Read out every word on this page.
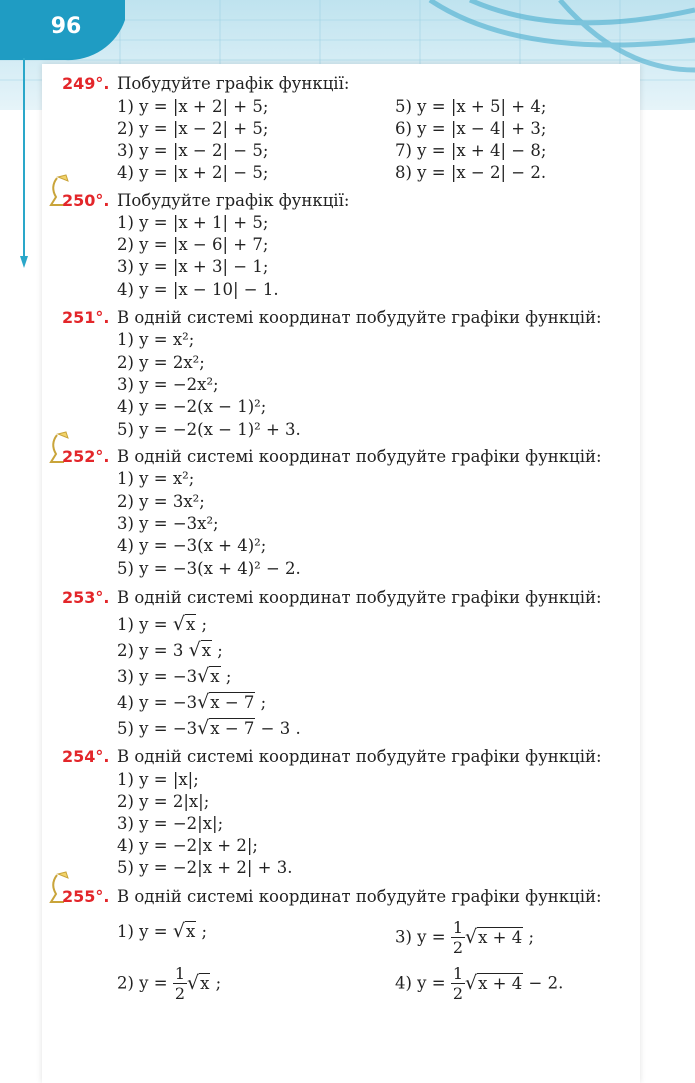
96
249°. Побудуйте графік функції:
1) y = |x + 2| + 5;
2) y = |x − 2| + 5;
3) y = |x − 2| − 5;
4) y = |x + 2| − 5;
5) y = |x + 5| + 4;
6) y = |x − 4| + 3;
7) y = |x + 4| − 8;
8) y = |x − 2| − 2.
250°. Побудуйте графік функції:
1) y = |x + 1| + 5;
2) y = |x − 6| + 7;
3) y = |x + 3| − 1;
4) y = |x − 10| − 1.
251°. В одній системі координат побудуйте графіки функцій:
1) y = x²;
2) y = 2x²;
3) y = −2x²;
4) y = −2(x − 1)²;
5) y = −2(x − 1)² + 3.
252°. В одній системі координат побудуйте графіки функцій:
1) y = x²;
2) y = 3x²;
3) y = −3x²;
4) y = −3(x + 4)²;
5) y = −3(x + 4)² − 2.
253°. В одній системі координат побудуйте графіки функцій:
1) y = √x ;
2) y = 3 √x ;
3) y = −3√x ;
4) y = −3√x − 7 ;
5) y = −3√x − 7 − 3 .
254°. В одній системі координат побудуйте графіки функцій:
1) y = |x|;
2) y = 2|x|;
3) y = −2|x|;
4) y = −2|x + 2|;
5) y = −2|x + 2| + 3.
255°. В одній системі координат побудуйте графіки функцій:
1) y = √x ;
2) $y = \frac{1}{2} √x$ ;
3) $y = \frac{1}{2} √x + 4$ ;
4) $y = \frac{1}{2} √x + 4 - 2$.
